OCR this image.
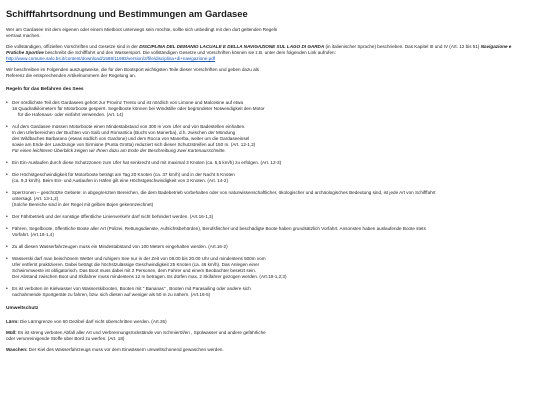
Schifffahrtsordnung und Bestimmungen am Gardasee

Wer am Gardasee mit dem eigenen oder einem Mietboot unterwegs sein möchte, sollte sich unbedingt mit den dort geltenden Regeln
vertraut machen.

Die vollständigen, offiziellen Vorschriften und Gesetze sind in der DISCIPLINA DEL DEMANIO LACUALE E DELLA NAVIGAZIONE SUL LAGO DI GARDA (in italienischer Sprache) beschrieben. Das Kapitel III und IV (Art. 12 bis 51) Navigazione e
Pratiche Sportive beschreibt die Schifffahrt und den Wassersport. Die vollständigen Gesetze und Vorschriften können sie z.B. unter dem folgenden Link aufrufen:
http://www.comune.salo.bs.it/content/download/1588/11983/version/2/file/disciplina+di+navigazione.pdf

Wir beschreiben im Folgenden auszugsweise, die für den Bootsport wichtigsten Teile dieser Vorschriften und geben dazu als
Referenz die entsprechenden Artikelnummern der Regelung an.

Regeln für das Befahren des Sees
• Der nördlichste Teil des Gardasees gehört zur Provinz Trento und ist nördlich von Limone und Malcesine auf etwa
18 Quadratkilometern für Motorboote gesperrt. Segelboote können bei Windstille oder begründeter Notwendigkeit den Motor
für die Hafenaus- oder einfahrt verwenden. (Art. 14)
• Auf dem Gardasee müssen Motorboote einen Mindestabstand von 300 m vom Ufer und von Badestellen einhalten.
In den Uferbereichen der Buchten von Salò und Romantica (Bucht von Manerba), d.h. zwischen der Mündung
des Wildbaches Barbarano (etwas südlich von Gardone) und dem Rocca von Manerba, weiter um die Gardaseeinsel
sowie am Ende der Landzunge von Sirmione (Punta Grotta) reduziert sich dieser Schutzstreifen auf 150 m. (Art. 12-1,2)
Für einen leichteren Überblick zeigen wir Ihnen dazu am Ende der Beschreibung zwei Kartenausschnitte.
• Ein Ein-Auslaufen durch diese Schutzzonen zum Ufer hat senkrecht und mit maximal 3 Knoten (ca. 5,5 km/h) zu erfolgen. (Art. 12-3)
• Die Höchstgeschwindigkeit für Motorboote beträgt am Tag 20 Knoten (ca. 37 km/h) und in der Nacht 5 Knoten
(ca. 9,3 km/h). Beim Ein- und Auslaufen in Häfen gilt eine Höchstgeschwindigkeit von 3 Knoten. (Art. 14-2)
• Sperrzonen – geschützte Gebiete: in abgegrenzten Bereichen, die dem Badebetrieb vorbehalten oder von naturwissenschaftlicher, ökologischer und archäologisches Bedeutung sind, ist jede Art von Schifffahrt
untersagt. (Art. 13-1,2)
(Solche Bereiche sind in der Regel mit gelben Bojen gekennzeichnet)
• Der Fährbetrieb und der sonstige öffentliche Linienverkehr darf nicht behindert werden. (Art.16-1,3)
• Fähren, Segelboote, öffentliche Boote aller Art (Polizei, Rettungsdienste, Aufsichtsbehörden), Berufsfischer und beschädigte Boote haben grundsätzlich Vorfahrt. Ansonsten haben auslaufende Boote stets
Vorfahrt. (Art.16-1,4)
• Zu all diesen Wasserfahrzeugen muss ein Mindestabstand von 100 Metern eingehalten werden. (Art.16-2)
• Wasserski darf man beischönem Wetter und ruhigem See nur in der Zeit von 08.00 bis 20.00 Uhr und mindestens 500m vom
Ufer entfernt praktizieren. Dabei beträgt die höchstzulässige Geschwindigkeit 25 Knoten (ca. 46 km/h). Das Anlegen einer
Schwimmweste ist obligatorisch. Das Boot muss dabei mit 2 Personen, dem Fahrer und einem Beobachter besetzt sein.
Der Abstand zwischen Boot und Skifahrer muss mindestens 12 m betragen. Es dürfen max. 2 Skifahrer gezogen werden. (Art.19-1,2;3)
• Es ist verboten im Kielwasser von Wasserskibooten, Booten mit " Bananas" , Booten mit Parasailing oder andere sich
nachahmende Sportgeräte zu fahren, bzw. sich diesen auf weniger als 50 m zu nähern. (Art.16-5)
Umweltschutz
Lärm: Die Lärmgrenze von 60 Dezibel darf nicht überschritten werden. (Art.26)
Müll: Es ist streng verboten Abfall aller Art und Verbrennungsrückstände von Schmieröl/en , Spülwasser und andere gefährliche
oder verunreinigende Stoffe über Bord zu werfen. (Art. 18)
Waschen: Der Kiel des Wasserfahrzeugs muss vor dem Einwässern umweltschonend gewaschen werden.
